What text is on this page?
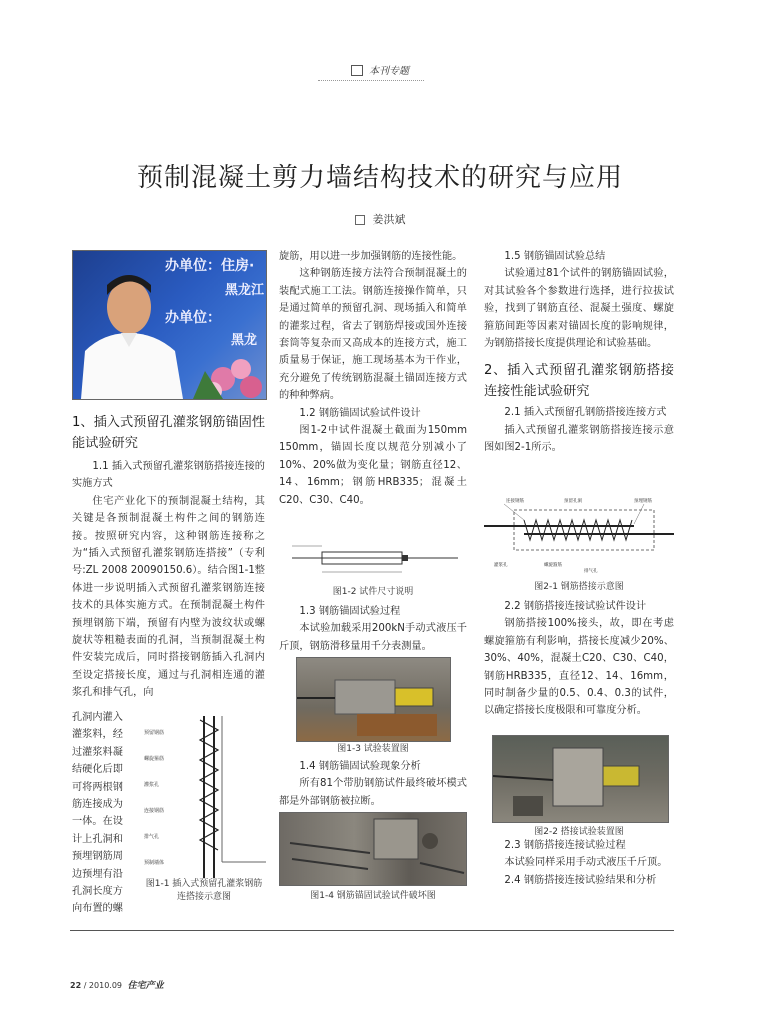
本刊专题
预制混凝土剪力墙结构技术的研究与应用
姜洪斌
办单位：住房·
黑龙江
办单位：
黑龙

1、插入式预留孔灌浆钢筋锚固性能试验研究

1.1 插入式预留孔灌浆钢筋搭接连接的实施方式

住宅产业化下的预制混凝土结构，其关键是各预制混凝土构件之间的钢筋连接。按照研究内容，这种钢筋连接称之为“插入式预留孔灌浆钢筋连搭接”（专利号:ZL 2008 20090150.6）。结合图1-1整体进一步说明插入式预留孔灌浆钢筋连接技术的具体实施方式。在预制混凝土构件预埋钢筋下端，预留有内壁为波纹状或螺旋状等粗糙表面的孔洞，当预制混凝土构件安装完成后，同时搭接钢筋插入孔洞内至设定搭接长度，通过与孔洞相连通的灌浆孔和排气孔，向

孔洞内灌入

灌浆料，经

过灌浆料凝

结硬化后即

可将两根钢

筋连接成为

一体。在设

计上孔洞和

预埋钢筋周

边预埋有沿

孔洞长度方

向布置的螺

预留钢筋
螺旋箍筋
灌浆孔
连接钢筋
排气孔
预制墙体
图1-1 插入式预留孔灌浆钢筋连搭接示意图

旋筋，用以进一步加强钢筋的连接性能。

这种钢筋连接方法符合预制混凝土的装配式施工工法。钢筋连接操作简单，只是通过简单的预留孔洞、现场插入和简单的灌浆过程，省去了钢筋焊接或国外连接套筒等复杂而又高成本的连接方式，施工质量易于保证，施工现场基本为干作业，充分避免了传统钢筋混凝土锚固连接方式的种种弊病。

1.2 钢筋锚固试验试件设计

图1-2中试件混凝土截面为150mm 150mm，锚固长度以规范分别减小了10%、20%做为变化量；钢筋直径12、14、16mm；钢筋HRB335；混凝土C20、C30、C40。

图1-2 试件尺寸说明

1.3 钢筋锚固试验过程

本试验加载采用200kN手动式液压千斤顶，钢筋滑移量用千分表测量。

图1-3 试验装置图

1.4 钢筋锚固试验现象分析

所有81个带肋钢筋试件最终破坏模式都是外部钢筋被拉断。

图1-4 钢筋锚固试验试件破坏图

1.5 钢筋锚固试验总结

试验通过81个试件的钢筋锚固试验，对其试验各个参数进行选择，进行拉拔试验，找到了钢筋直径、混凝土强度、螺旋箍筋间距等因素对锚固长度的影响规律，为钢筋搭接长度提供理论和试验基础。

2、插入式预留孔灌浆钢筋搭接连接性能试验研究

2.1 插入式预留孔钢筋搭接连接方式

插入式预留孔灌浆钢筋搭接连接示意图如图2-1所示。

连接钢筋	预留孔洞	预埋钢筋
灌浆孔	螺旋箍筋
排气孔
图2-1 钢筋搭接示意图

2.2 钢筋搭接连接试验试件设计

钢筋搭接100%接头，故，即在考虑螺旋箍筋有利影响，搭接长度减少20%、30%、40%，混凝土C20、C30、C40，钢筋HRB335，直径12、14、16mm，同时制备少量的0.5、0.4、0.3的试件，以确定搭接长度极限和可靠度分析。

图2-2 搭接试验装置图

2.3 钢筋搭接连接试验过程

本试验同样采用手动式液压千斤顶。

2.4 钢筋搭接连接试验结果和分析

22 / 2010.09 住宅产业
